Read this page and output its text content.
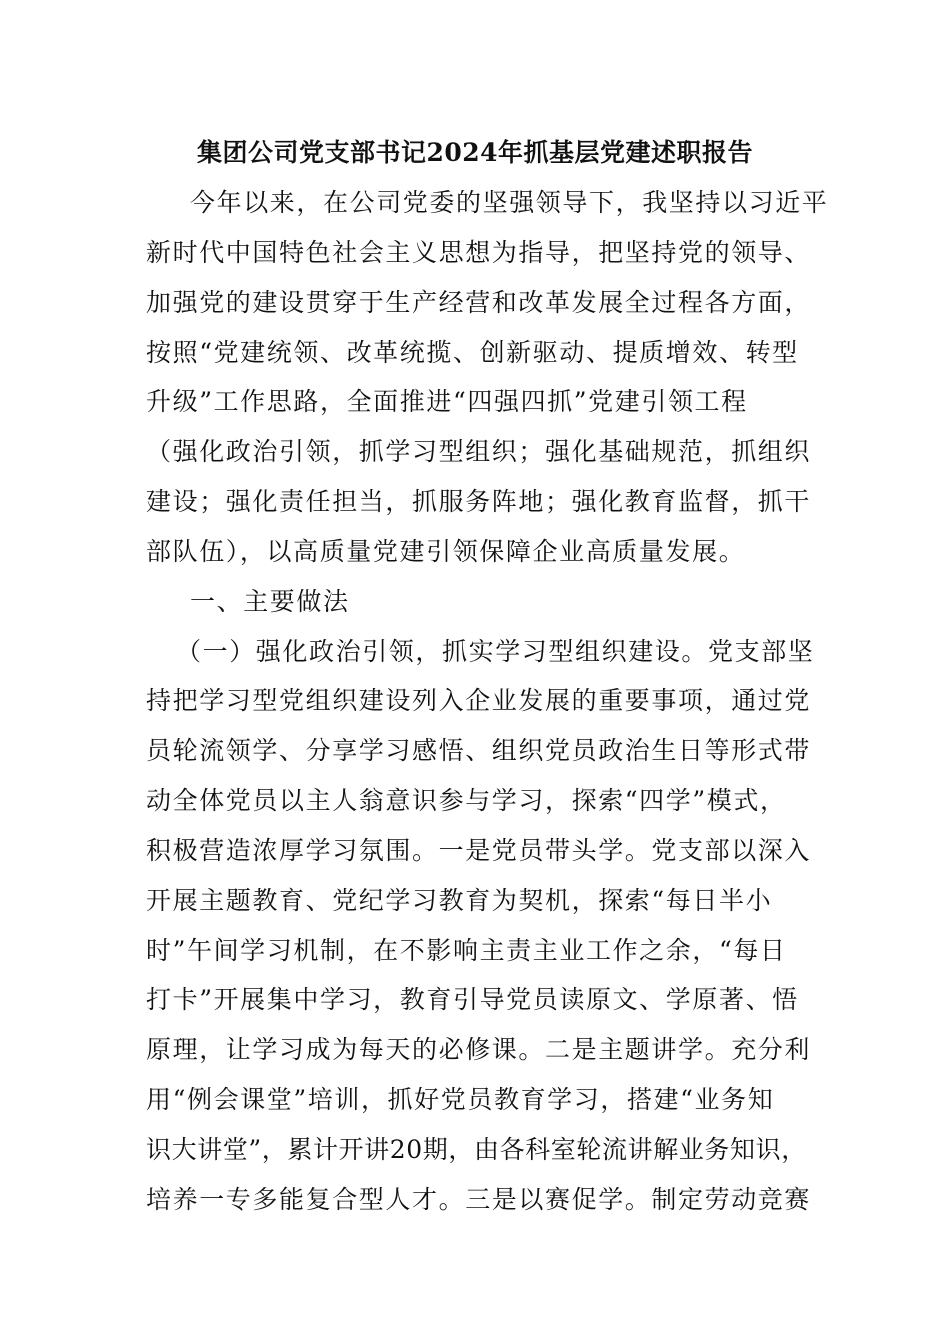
集团公司党支部书记2024年抓基层党建述职报告
今年以来，在公司党委的坚强领导下，我坚持以习近平
新时代中国特色社会主义思想为指导，把坚持党的领导、
加强党的建设贯穿于生产经营和改革发展全过程各方面，
按照“党建统领、改革统揽、创新驱动、提质增效、转型
升级”工作思路，全面推进“四强四抓”党建引领工程
（强化政治引领，抓学习型组织；强化基础规范，抓组织
建设；强化责任担当，抓服务阵地；强化教育监督，抓干
部队伍），以高质量党建引领保障企业高质量发展。
一、主要做法
（一）强化政治引领，抓实学习型组织建设。党支部坚
持把学习型党组织建设列入企业发展的重要事项，通过党
员轮流领学、分享学习感悟、组织党员政治生日等形式带
动全体党员以主人翁意识参与学习，探索“四学”模式，
积极营造浓厚学习氛围。一是党员带头学。党支部以深入
开展主题教育、党纪学习教育为契机，探索“每日半小
时”午间学习机制，在不影响主责主业工作之余，“每日
打卡”开展集中学习，教育引导党员读原文、学原著、悟
原理，让学习成为每天的必修课。二是主题讲学。充分利
用“例会课堂”培训，抓好党员教育学习，搭建“业务知
识大讲堂”，累计开讲20期，由各科室轮流讲解业务知识，
培养一专多能复合型人才。三是以赛促学。制定劳动竞赛
